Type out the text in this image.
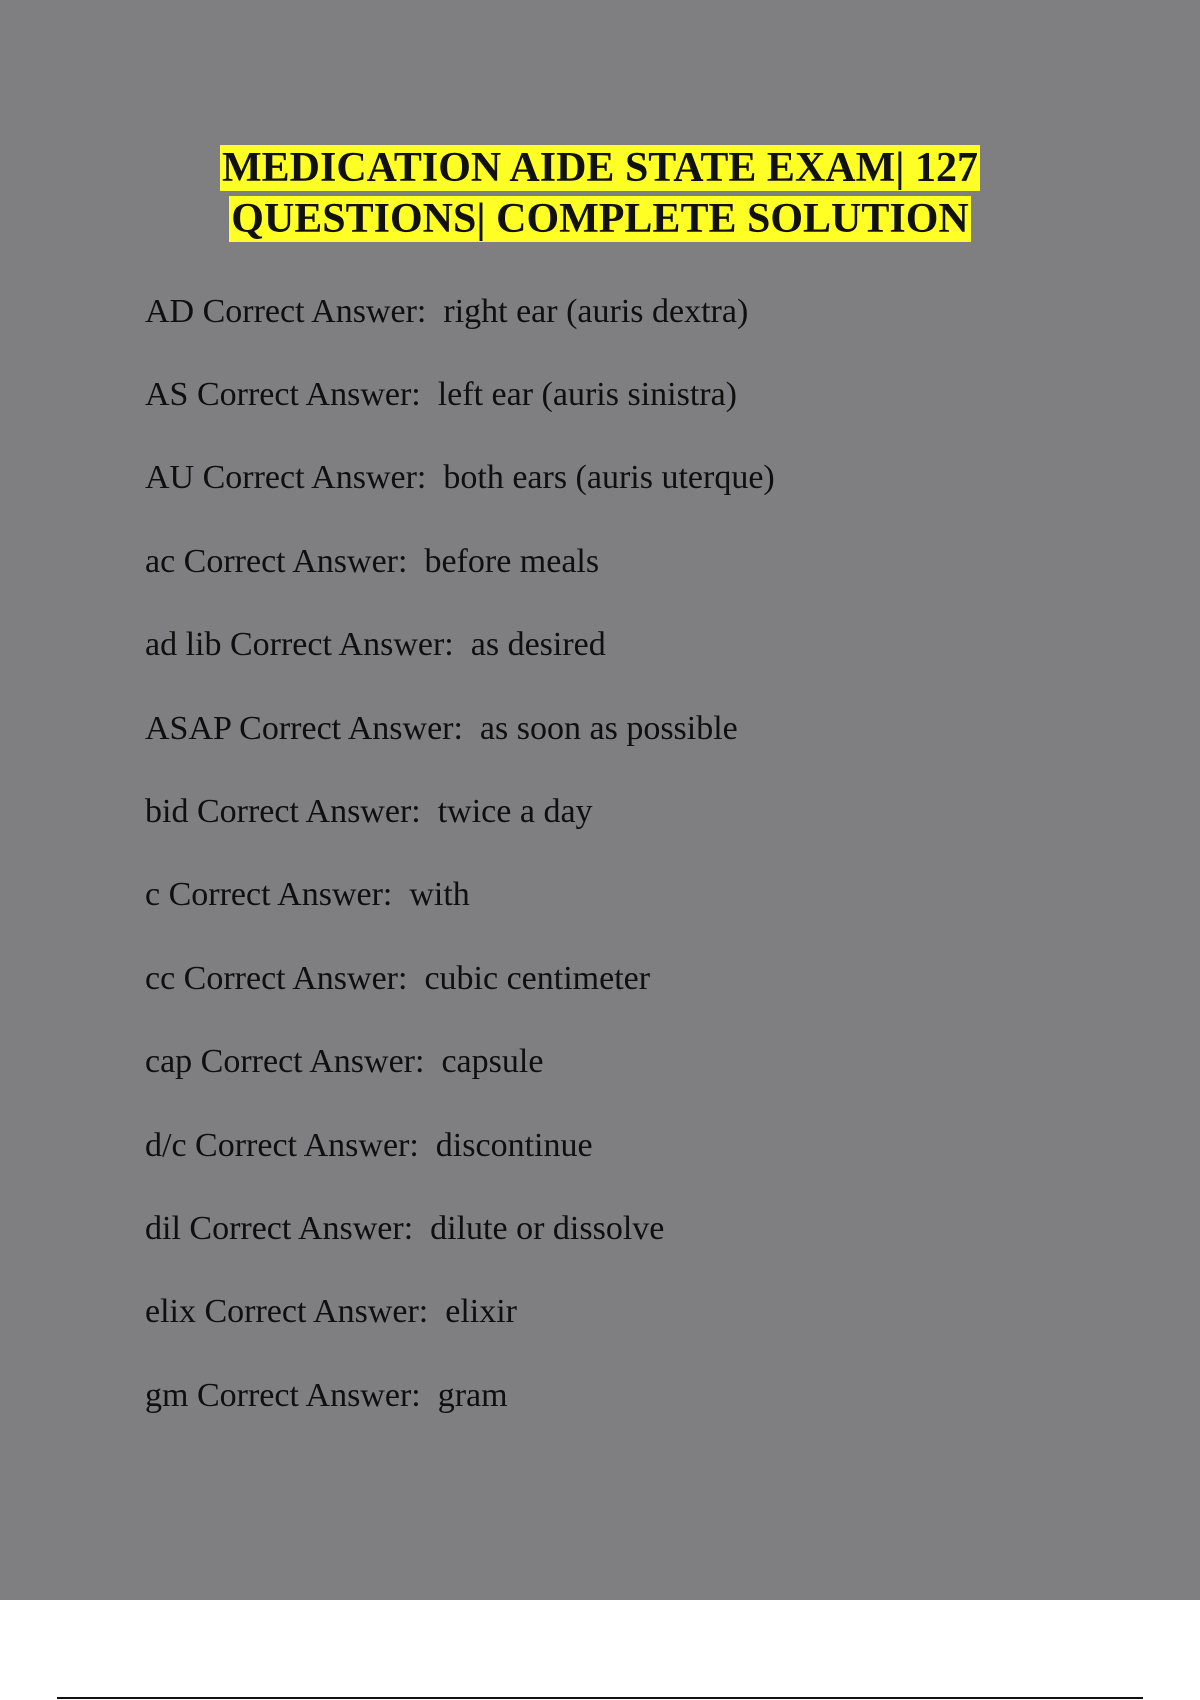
MEDICATION AIDE STATE EXAM| 127
QUESTIONS| COMPLETE SOLUTION
AD Correct Answer:  right ear (auris dextra)
AS Correct Answer:  left ear (auris sinistra)
AU Correct Answer:  both ears (auris uterque)
ac Correct Answer:  before meals
ad lib Correct Answer:  as desired
ASAP Correct Answer:  as soon as possible
bid Correct Answer:  twice a day
c Correct Answer:  with
cc Correct Answer:  cubic centimeter
cap Correct Answer:  capsule
d/c Correct Answer:  discontinue
dil Correct Answer:  dilute or dissolve
elix Correct Answer:  elixir
gm Correct Answer:  gram
